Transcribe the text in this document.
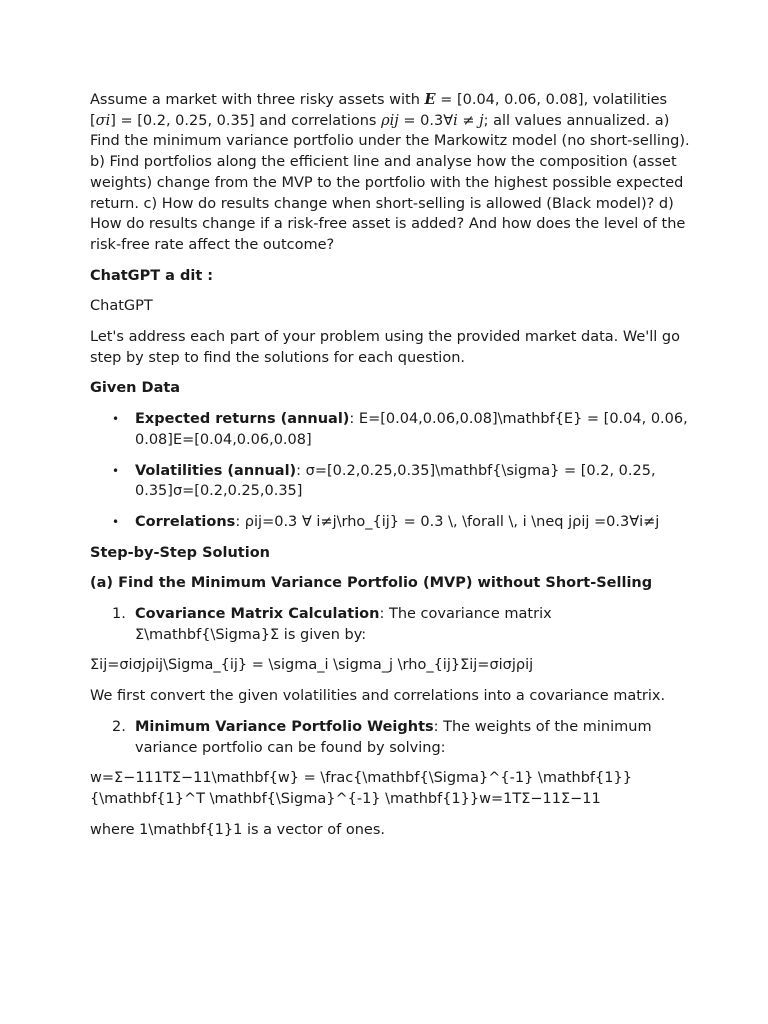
Assume a market with three risky assets with E = [0.04, 0.06, 0.08], volatilities [σi] = [0.2, 0.25, 0.35] and correlations ρij = 0.3∀i ≠ j; all values annualized. a) Find the minimum variance portfolio under the Markowitz model (no short-selling). b) Find portfolios along the efficient line and analyse how the composition (asset weights) change from the MVP to the portfolio with the highest possible expected return. c) How do results change when short-selling is allowed (Black model)? d) How do results change if a risk-free asset is added? And how does the level of the risk-free rate affect the outcome?

ChatGPT a dit :

ChatGPT

Let's address each part of your problem using the provided market data. We'll go step by step to find the solutions for each question.

Given Data

• Expected returns (annual): E=[0.04,0.06,0.08]\mathbf{E} = [0.04, 0.06, 0.08]E=[0.04,0.06,0.08]
• Volatilities (annual): σ=[0.2,0.25,0.35]\mathbf{\sigma} = [0.2, 0.25, 0.35]σ=[0.2,0.25,0.35]
• Correlations: ρij=0.3 ∀ i≠j\rho_{ij} = 0.3 \, \forall \, i \neq jρij =0.3∀i≠j

Step-by-Step Solution

(a) Find the Minimum Variance Portfolio (MVP) without Short-Selling

1. Covariance Matrix Calculation: The covariance matrix Σ\mathbf{\Sigma}Σ is given by:

Σij=σiσjρij\Sigma_{ij} = \sigma_i \sigma_j \rho_{ij}Σij=σiσjρij

We first convert the given volatilities and correlations into a covariance matrix.

2. Minimum Variance Portfolio Weights: The weights of the minimum variance portfolio can be found by solving:

w=Σ−111TΣ−11\mathbf{w} = \frac{\mathbf{\Sigma}^{-1} \mathbf{1}}{\mathbf{1}^T \mathbf{\Sigma}^{-1} \mathbf{1}}w=1TΣ−11Σ−11

where 1\mathbf{1}1 is a vector of ones.
